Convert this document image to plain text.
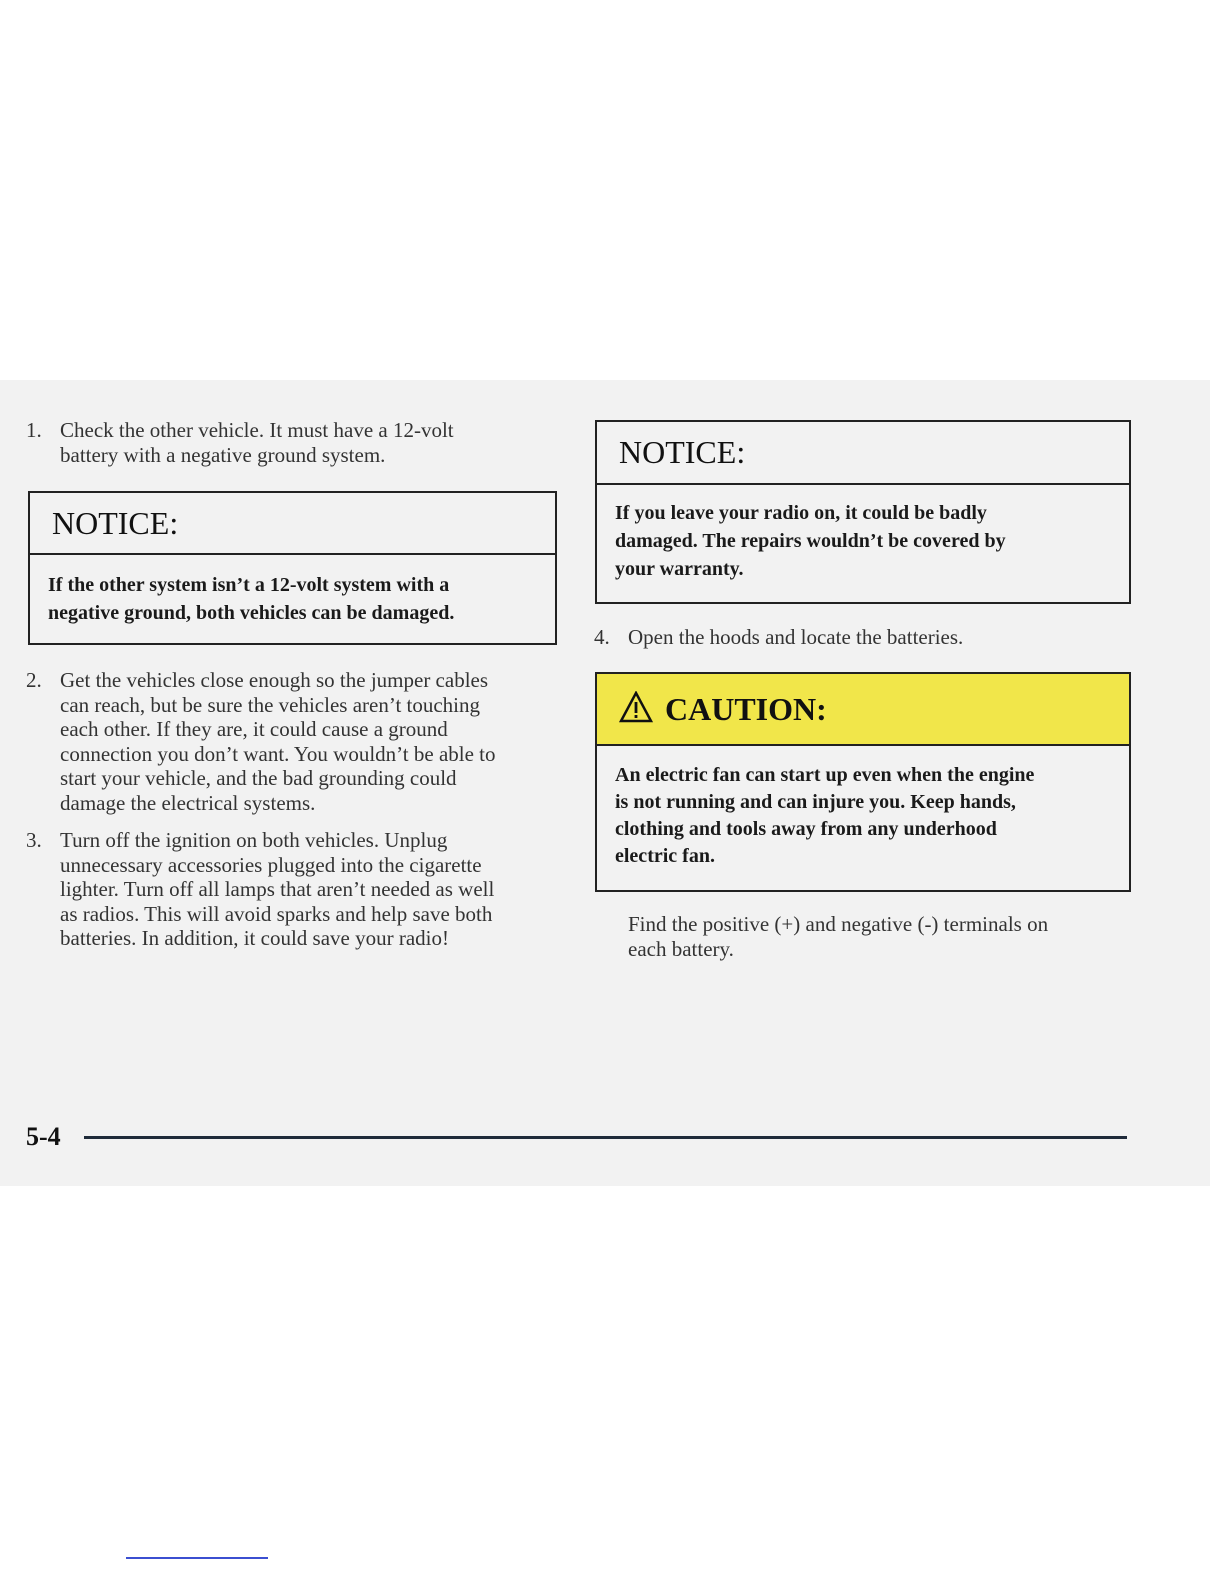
1. Check the other vehicle. It must have a 12-volt
battery with a negative ground system.
NOTICE:
If the other system isn’t a 12-volt system with a
negative ground, both vehicles can be damaged.
2. Get the vehicles close enough so the jumper cables
can reach, but be sure the vehicles aren’t touching
each other. If they are, it could cause a ground
connection you don’t want. You wouldn’t be able to
start your vehicle, and the bad grounding could
damage the electrical systems.
3. Turn off the ignition on both vehicles. Unplug
unnecessary accessories plugged into the cigarette
lighter. Turn off all lamps that aren’t needed as well
as radios. This will avoid sparks and help save both
batteries. In addition, it could save your radio!
NOTICE:
If you leave your radio on, it could be badly
damaged. The repairs wouldn’t be covered by
your warranty.
4. Open the hoods and locate the batteries.
CAUTION:
An electric fan can start up even when the engine
is not running and can injure you. Keep hands,
clothing and tools away from any underhood
electric fan.
Find the positive (+) and negative (-) terminals on
each battery.
5-4
